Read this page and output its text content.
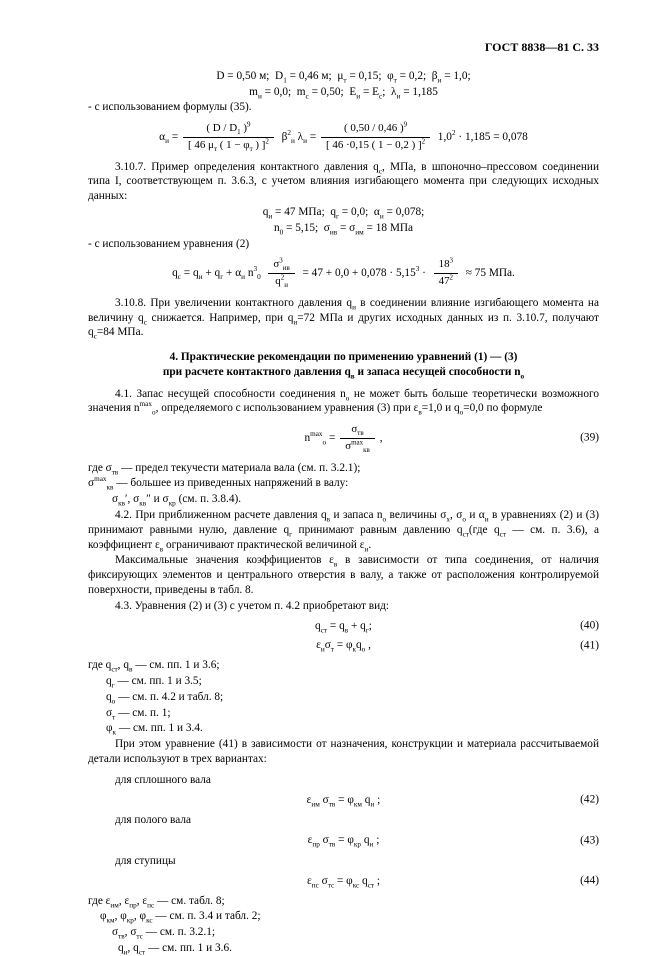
ГОСТ 8838—81 С. 33
D = 0,50 м; $D_1 = 0,46$ м; $\mu_т = 0,15$; $\varphi_т = 0,2$; $\beta_и = 1,0$;
$m_и = 0,0$; $m_с = 0,50$; $E_и = E_с$; $\lambda_и = 1,185$
- с использованием формулы (35).
$\alpha_и$ =
( D / $D_1$ )$^9$
[ 46 $\mu_т$ ( $1 - \varphi_т$ ) ]$^2$  $\beta^2_и$ $\lambda_и = \frac{( 0,50 / 0,46 )^9}{[ 46 \cdot 0,15 ( 1 - 0,2 ) ]^2}$  $1,0^2 \cdot 1,185 = 0,078$
3.10.7. Пример определения контактного давления $q_c$, МПа, в шпоночно–прессовом соединении типа I, соответствующем п. 3.6.3, с учетом влияния изгибающего момента при следующих исходных данных:
$q_и = 47$ МПа; $q_г = 0,0$; $\alpha_и = 0,078$;
$n_0 = 5,15$; $\sigma_{ив} = \sigma_{им} = 18$ МПа
- с использованием уравнения (2)
$q_c = q_и + q_г + \alpha_и$ $n^3_0$ 
$\sigma^3_{ив}$
$q^2_и$
 = $47 + 0,0 + 0,078 \cdot 5,15^3$ ·  $\frac{18^3}{47^2}$  ≈ 75 МПа.
3.10.8. При увеличении контактного давления $q_и$ в соединении влияние изгибающего момента на величину $q_c$ снижается. Например, при $q_и=72$ МПа и других исходных данных из п. 3.10.7, получают $q_c=84$ МПа.
4. Практические рекомендации по применению уравнений (1) — (3)
при расчете контактного давления $q_в$ и запаса несущей способности $n_о$
4.1. Запас несущей способности соединения $n_о$ не может быть больше теоретически возможного значения $n^{max}_о$, определяемого с использованием уравнения (3) при $\varepsilon_в=1,0$ и $q_о=0,0$ по формуле
$n^{max}_о$ =
$\sigma_{тв}$
$\sigma^{max}_{кв}$
,	(39)
где $\sigma_{тв}$ — предел текучести материала вала (см. п. 3.2.1);
$\sigma^{max}_{кв}$ — большее из приведенных напряжений в валу:
$\sigma_{кв}'$, $\sigma_{кв}''$ и $\sigma_{кр}$ (см. п. 3.8.4).
4.2. При приближенном расчете давления $q_в$ и запаса $n_о$ величины $\sigma_х$, $\sigma_о$ и $\alpha_и$ в уравнениях (2) и (3) принимают равными нулю, давление $q_г$ принимают равным давлению $q_{ст}(где$ $q_{ст}$ — см. п. 3.6), а коэффициент $\varepsilon_в$ ограничивают практической величиной $\varepsilon_и$.
Максимальные значения коэффициентов $\varepsilon_в$ в зависимости от типа соединения, от наличия фиксирующих элементов и центрального отверстия в валу, а также от расположения контролируемой поверхности, приведены в табл. 8.
4.3. Уравнения (2) и (3) с учетом п. 4.2 приобретают вид:
$q_{ст} = q_в + q_г$;	(40)
$\varepsilon_и\sigma_т = \varphi_кq_о$ ,	(41)
где $q_{ст}$, $q_в$ — см. пп. 1 и 3.6;
$q_г$ — см. пп. 1 и 3.5;
$q_о$ — см. п. 4.2 и табл. 8;
$\sigma_т$ — см. п. 1;
$\varphi_к$ — см. пп. 1 и 3.4.
При этом уравнение (41) в зависимости от назначения, конструкции и материала рассчитываемой детали используют в трех вариантах:
для сплошного вала
$\varepsilon_{им}$ $\sigma_{тв} = \varphi_{км}$ $q_и$ ;	(42)
для полого вала
$\varepsilon_{пр}$ $\sigma_{тв} = \varphi_{кр}$ $q_и$ ;	(43)
для ступицы
$\varepsilon_{пс}$ $\sigma_{тс} = \varphi_{кс}$ $q_{ст}$ ;	(44)
где $\varepsilon_{им}$, $\varepsilon_{пр}$, $\varepsilon_{пс}$ — см. табл. 8;
$\varphi_{км}$, $\varphi_{кр}$, $\varphi_{кс}$ — см. п. 3.4 и табл. 2;
$\sigma_{тв}$, $\sigma_{тс}$ — см. п. 3.2.1;
$q_и$, $q_{ст}$ — см. пп. 1 и 3.6.
